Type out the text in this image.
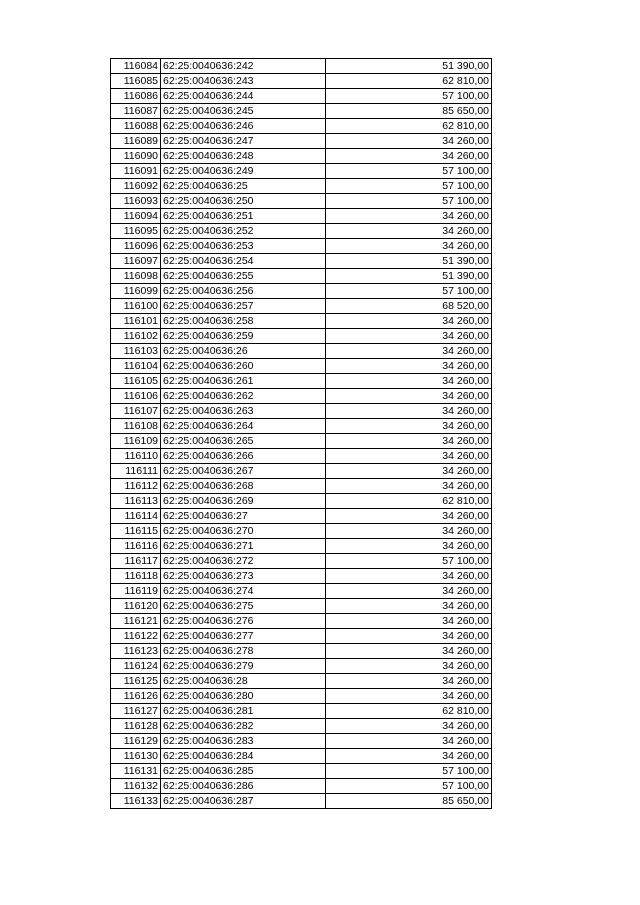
116084	62:25:0040636:242	51 390,00
116085	62:25:0040636:243	62 810,00
116086	62:25:0040636:244	57 100,00
116087	62:25:0040636:245	85 650,00
116088	62:25:0040636:246	62 810,00
116089	62:25:0040636:247	34 260,00
116090	62:25:0040636:248	34 260,00
116091	62:25:0040636:249	57 100,00
116092	62:25:0040636:25	57 100,00
116093	62:25:0040636:250	57 100,00
116094	62:25:0040636:251	34 260,00
116095	62:25:0040636:252	34 260,00
116096	62:25:0040636:253	34 260,00
116097	62:25:0040636:254	51 390,00
116098	62:25:0040636:255	51 390,00
116099	62:25:0040636:256	57 100,00
116100	62:25:0040636:257	68 520,00
116101	62:25:0040636:258	34 260,00
116102	62:25:0040636:259	34 260,00
116103	62:25:0040636:26	34 260,00
116104	62:25:0040636:260	34 260,00
116105	62:25:0040636:261	34 260,00
116106	62:25:0040636:262	34 260,00
116107	62:25:0040636:263	34 260,00
116108	62:25:0040636:264	34 260,00
116109	62:25:0040636:265	34 260,00
116110	62:25:0040636:266	34 260,00
116111	62:25:0040636:267	34 260,00
116112	62:25:0040636:268	34 260,00
116113	62:25:0040636:269	62 810,00
116114	62:25:0040636:27	34 260,00
116115	62:25:0040636:270	34 260,00
116116	62:25:0040636:271	34 260,00
116117	62:25:0040636:272	57 100,00
116118	62:25:0040636:273	34 260,00
116119	62:25:0040636:274	34 260,00
116120	62:25:0040636:275	34 260,00
116121	62:25:0040636:276	34 260,00
116122	62:25:0040636:277	34 260,00
116123	62:25:0040636:278	34 260,00
116124	62:25:0040636:279	34 260,00
116125	62:25:0040636:28	34 260,00
116126	62:25:0040636:280	34 260,00
116127	62:25:0040636:281	62 810,00
116128	62:25:0040636:282	34 260,00
116129	62:25:0040636:283	34 260,00
116130	62:25:0040636:284	34 260,00
116131	62:25:0040636:285	57 100,00
116132	62:25:0040636:286	57 100,00
116133	62:25:0040636:287	85 650,00
